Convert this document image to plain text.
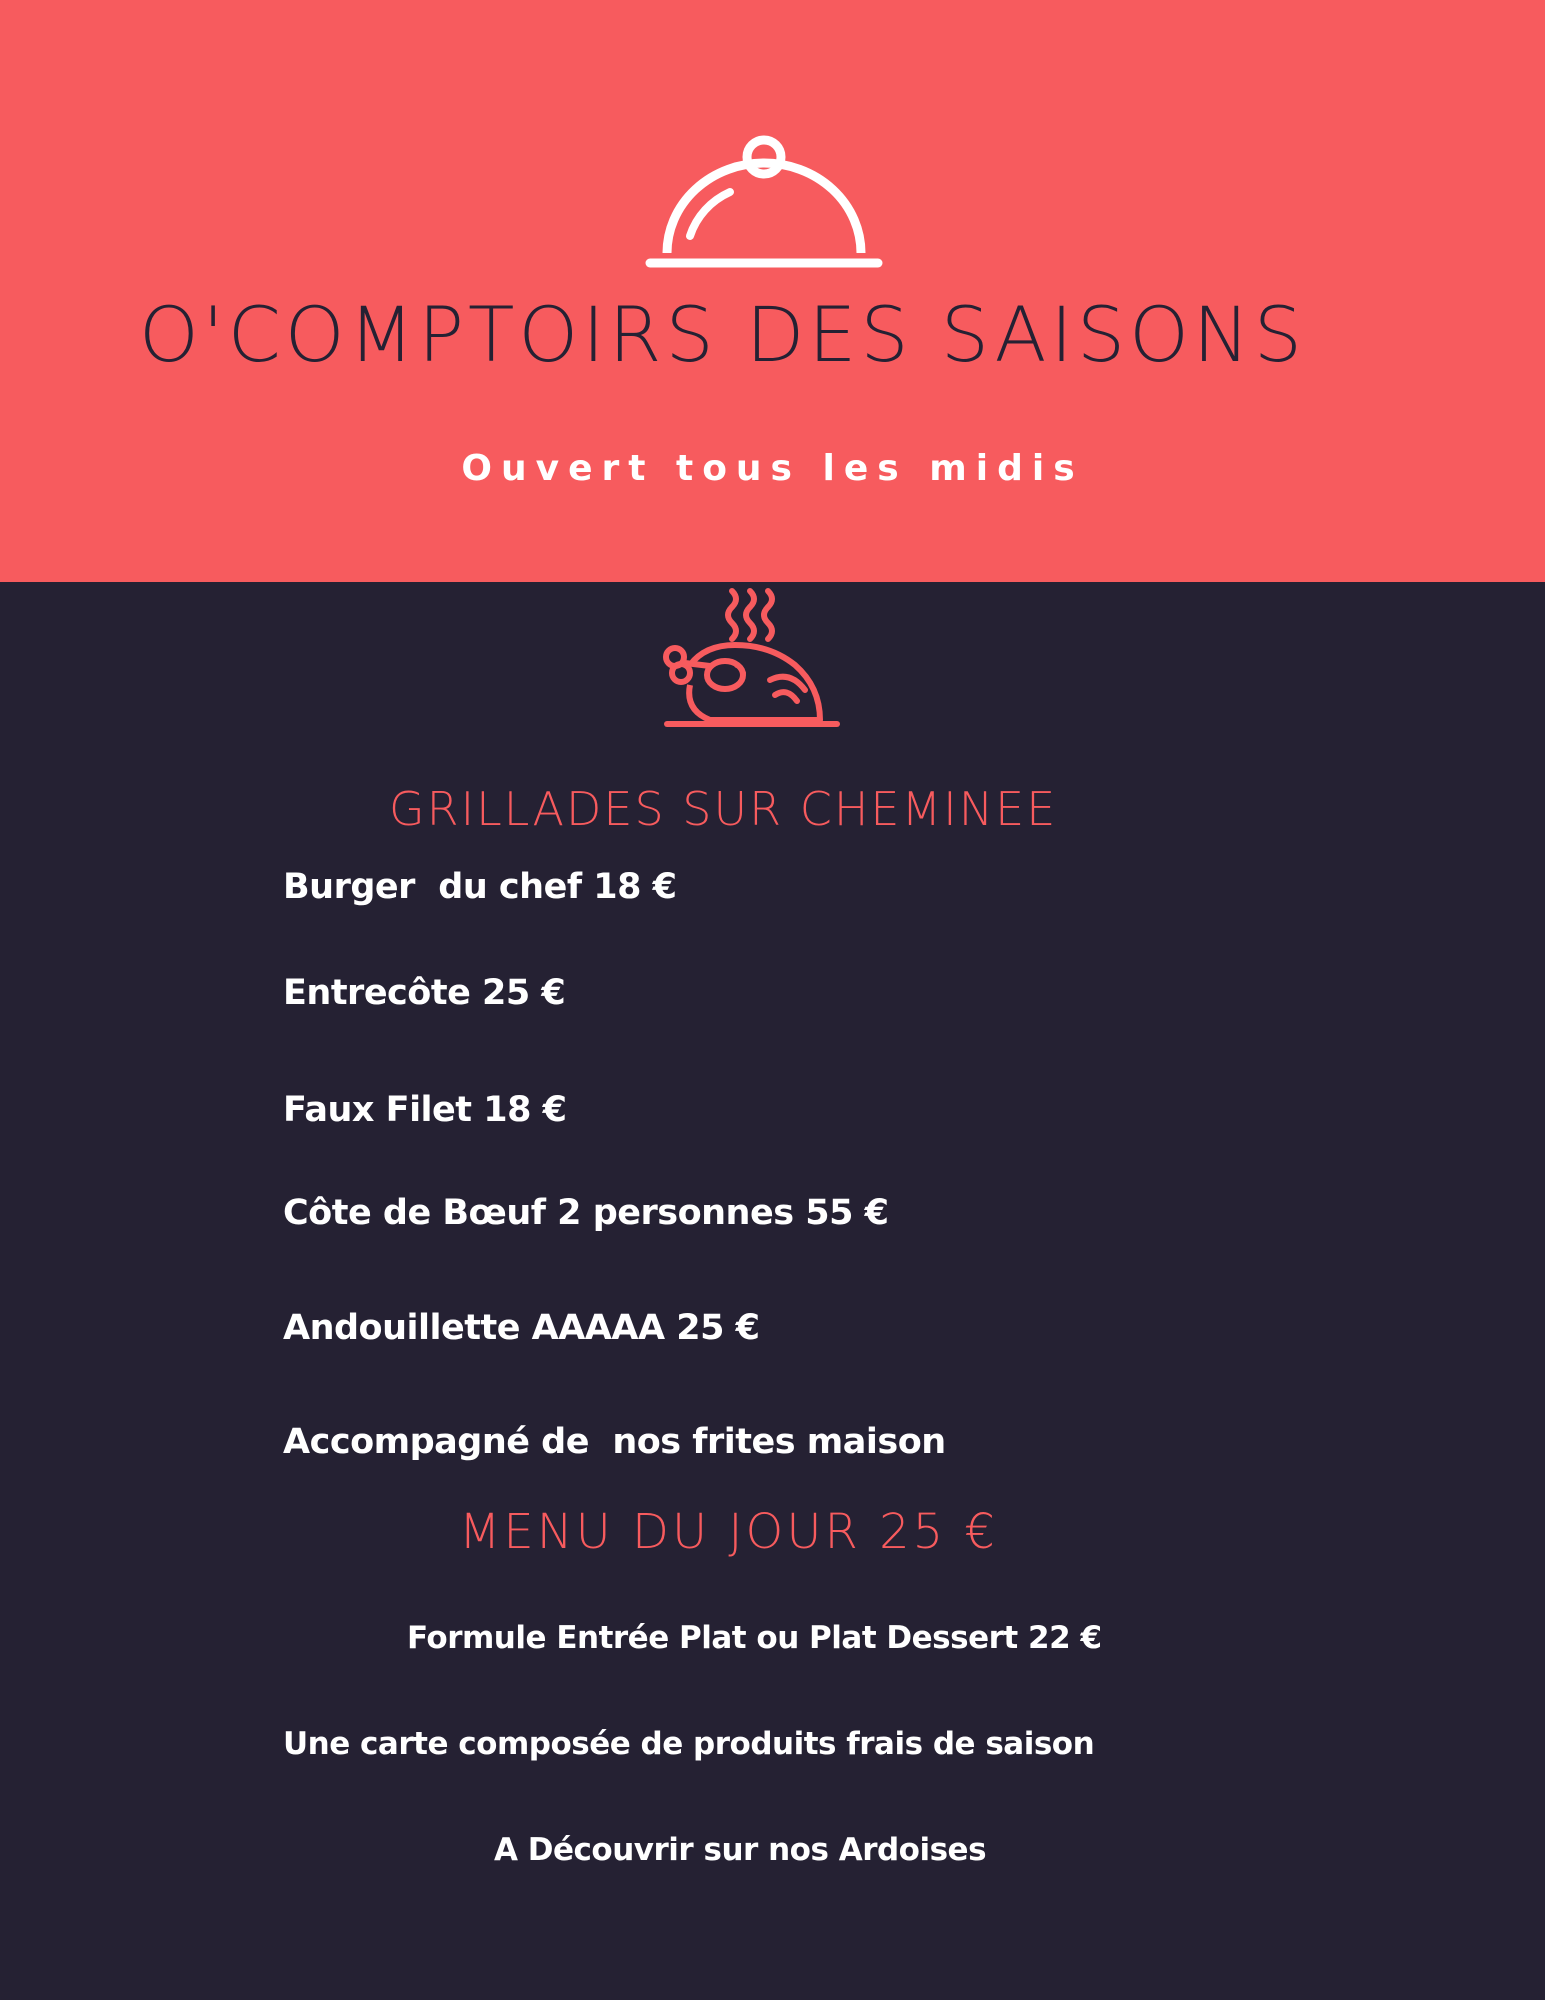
O'COMPTOIRS DES SAISONS
Ouvert tous les midis
GRILLADES SUR CHEMINEE
Burger  du chef 18 €
Entrecôte 25 €
Faux Filet 18 €
Côte de Bœuf 2 personnes 55 €
Andouillette AAAAA 25 €
Accompagné de  nos frites maison
MENU DU JOUR 25 €
Formule Entrée Plat ou Plat Dessert 22 €
Une carte composée de produits frais de saison
A Découvrir sur nos Ardoises
